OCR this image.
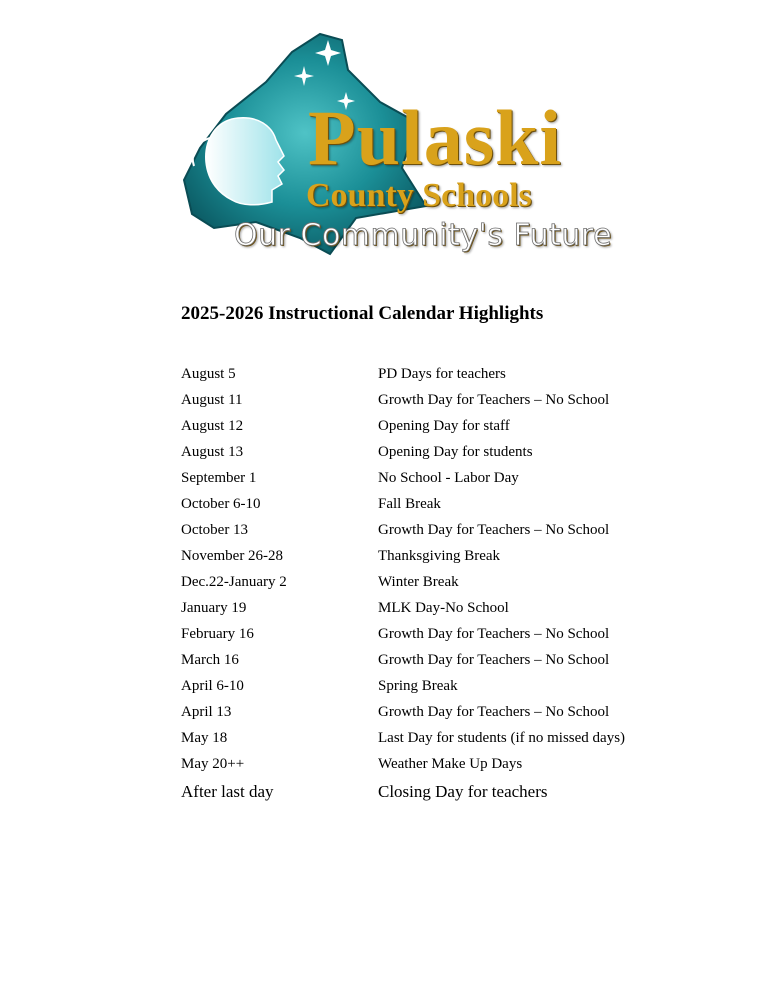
Pulaski
County Schools
Our Community's Future
2025-2026 Instructional Calendar Highlights
August 5	PD Days for teachers
August 11	Growth Day for Teachers – No School
August 12	Opening Day for staff
August 13	Opening Day for students
September 1	No School - Labor Day
October 6-10	Fall Break
October 13	Growth Day for Teachers – No School
November 26-28	Thanksgiving Break
Dec.22-January 2	Winter Break
January 19	MLK Day-No School
February 16	Growth Day for Teachers – No School
March 16	Growth Day for Teachers – No School
April 6-10	Spring Break
April 13	Growth Day for Teachers – No School
May 18	Last Day for students (if no missed days)
May 20++	Weather Make Up Days
After last day	Closing Day for teachers
